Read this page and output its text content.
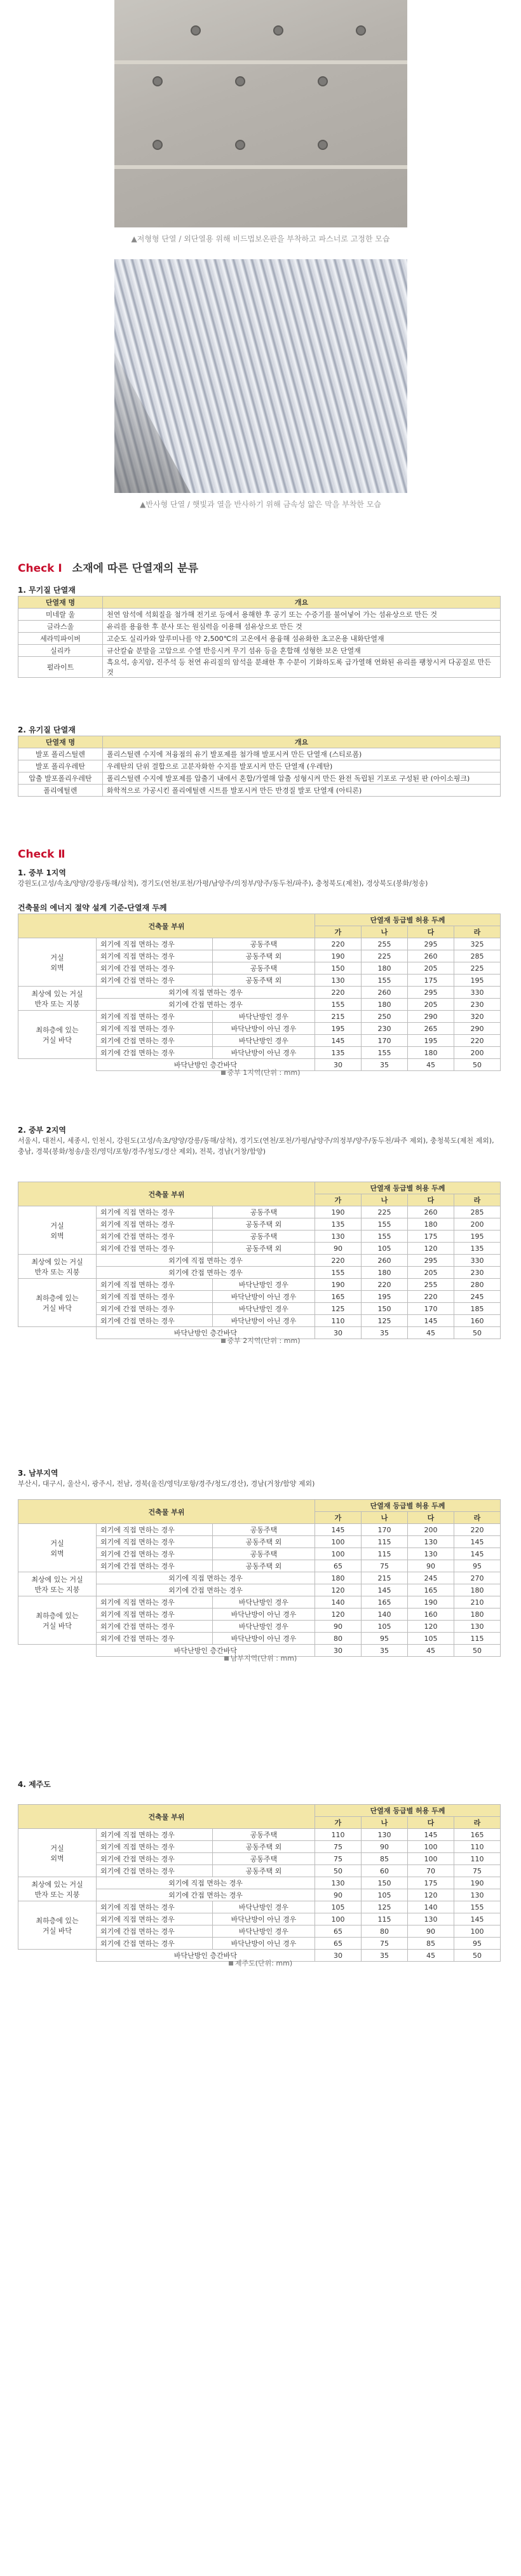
▲저형형 단열 / 외단열용 위해 비드법보온판을 부착하고 파스너로 고정한 모습
▲반사형 단열 / 햇빛과 열을 반사하기 위해 금속성 얇은 막을 부착한 모습
Check Ⅰ 소재에 따른 단열재의 분류
1. 무기질 단열재
단열재 명	개요
미네랄 울	천연 암석에 석회질을 첨가해 전기로 등에서 용해한 후 공기 또는 수증기를 불어넣어 가는 섬유상으로 만든 것
글라스울	유리를 용융한 후 분사 또는 원심력을 이용해 섬유상으로 만든 것
세라믹파이버	고순도 실리카와 알루미나를 약 2,500℃의 고온에서 용융해 섬유화한 초고온용 내화단열재
실리카	규산칼슘 분말을 고압으로 수열 반응시켜 무기 섬유 등을 혼합해 성형한 보온 단열재
펄라이트	흑요석, 송지암, 진주석 등 천연 유리질의 암석을 분쇄한 후 수분이 기화하도록 급가열해 연화된 유리를 팽창시켜 다공질로 만든 것
2. 유기질 단열재
단열재 명	개요
발포 폴리스틸렌	폴리스틸렌 수지에 저융점의 유기 발포제를 첨가해 발포시켜 만든 단열재 (스티로폼)
발포 폴리우레탄	우레탄의 단위 결합으로 고분자화한 수지를 발포시켜 만든 단열재 (우레탄)
압출 발포폴리우레탄	폴리스틸렌 수지에 발포제를 압출기 내에서 혼합/가열해 압출 성형시켜 만든 완전 독립된 기포로 구성된 판 (아이소핑크)
폴리에틸렌	화학적으로 가공시킨 폴리에틸렌 시트를 발포시켜 만든 반경질 발포 단열재 (아티론)
Check Ⅱ
1. 중부 1지역
강원도(고성/속초/양양/강릉/동해/삼척), 경기도(연천/포천/가평/남양주/의정부/양주/동두천/파주), 충청북도(제천), 경상북도(봉화/청송)
건축물의 에너지 절약 설계 기준-단열재 두께
건축물 부위			단열재 등급별 허용 두께			
			가	나	다	라
거실
외벽	외기에 직접 면하는 경우	공동주택	220	255	295	325
	외기에 직접 면하는 경우	공동주택 외	190	225	260	285
	외기에 간접 면하는 경우	공동주택	150	180	205	225
	외기에 간접 면하는 경우	공동주택 외	130	155	175	195
최상에 있는 거실
반자 또는 지붕	외기에 직접 면하는 경우		220	260	295	330
	외기에 간접 면하는 경우		155	180	205	230
최하층에 있는
거실 바닥	외기에 직접 면하는 경우	바닥난방인 경우	215	250	290	320
	외기에 직접 면하는 경우	바닥난방이 아닌 경우	195	230	265	290
	외기에 간접 면하는 경우	바닥난방인 경우	145	170	195	220
	외기에 간접 면하는 경우	바닥난방이 아닌 경우	135	155	180	200
	바닥난방인 층간바닥		30	35	45	50
중부 1지역(단위 : mm)
2. 중부 2지역
서울시, 대전시, 세종시, 인천시, 강원도(고성/속초/양양/강릉/동해/삼척), 경기도(연천/포천/가평/남양주/의정부/양주/동두천/파주 제외), 충청북도(제천 제외), 충남, 경북(봉화/청송/울진/영덕/포항/경주/청도/경산 제외), 전북, 경남(거창/함양)
건축물 부위			단열재 등급별 허용 두께			
			가	나	다	라
거실
외벽	외기에 직접 면하는 경우	공동주택	190	225	260	285
	외기에 직접 면하는 경우	공동주택 외	135	155	180	200
	외기에 간접 면하는 경우	공동주택	130	155	175	195
	외기에 간접 면하는 경우	공동주택 외	90	105	120	135
최상에 있는 거실
반자 또는 지붕	외기에 직접 면하는 경우		220	260	295	330
	외기에 간접 면하는 경우		155	180	205	230
최하층에 있는
거실 바닥	외기에 직접 면하는 경우	바닥난방인 경우	190	220	255	280
	외기에 직접 면하는 경우	바닥난방이 아닌 경우	165	195	220	245
	외기에 간접 면하는 경우	바닥난방인 경우	125	150	170	185
	외기에 간접 면하는 경우	바닥난방이 아닌 경우	110	125	145	160
	바닥난방인 층간바닥		30	35	45	50
중부 2지역(단위 : mm)
3. 남부지역
부산시, 대구시, 울산시, 광주시, 전남, 경북(울진/영덕/포항/경주/청도/경산), 경남(거창/함양 제외)
건축물 부위			단열재 등급별 허용 두께			
			가	나	다	라
거실
외벽	외기에 직접 면하는 경우	공동주택	145	170	200	220
	외기에 직접 면하는 경우	공동주택 외	100	115	130	145
	외기에 간접 면하는 경우	공동주택	100	115	130	145
	외기에 간접 면하는 경우	공동주택 외	65	75	90	95
최상에 있는 거실
반자 또는 지붕	외기에 직접 면하는 경우		180	215	245	270
	외기에 간접 면하는 경우		120	145	165	180
최하층에 있는
거실 바닥	외기에 직접 면하는 경우	바닥난방인 경우	140	165	190	210
	외기에 직접 면하는 경우	바닥난방이 아닌 경우	120	140	160	180
	외기에 간접 면하는 경우	바닥난방인 경우	90	105	120	130
	외기에 간접 면하는 경우	바닥난방이 아닌 경우	80	95	105	115
	바닥난방인 층간바닥		30	35	45	50
남부지역(단위 : mm)
4. 제주도
건축물 부위			단열재 등급별 허용 두께			
			가	나	다	라
거실
외벽	외기에 직접 면하는 경우	공동주택	110	130	145	165
	외기에 직접 면하는 경우	공동주택 외	75	90	100	110
	외기에 간접 면하는 경우	공동주택	75	85	100	110
	외기에 간접 면하는 경우	공동주택 외	50	60	70	75
최상에 있는 거실
반자 또는 지붕	외기에 직접 면하는 경우		130	150	175	190
	외기에 간접 면하는 경우		90	105	120	130
최하층에 있는
거실 바닥	외기에 직접 면하는 경우	바닥난방인 경우	105	125	140	155
	외기에 직접 면하는 경우	바닥난방이 아닌 경우	100	115	130	145
	외기에 간접 면하는 경우	바닥난방인 경우	65	80	90	100
	외기에 간접 면하는 경우	바닥난방이 아닌 경우	65	75	85	95
	바닥난방인 층간바닥		30	35	45	50
제주도(단위: mm)
